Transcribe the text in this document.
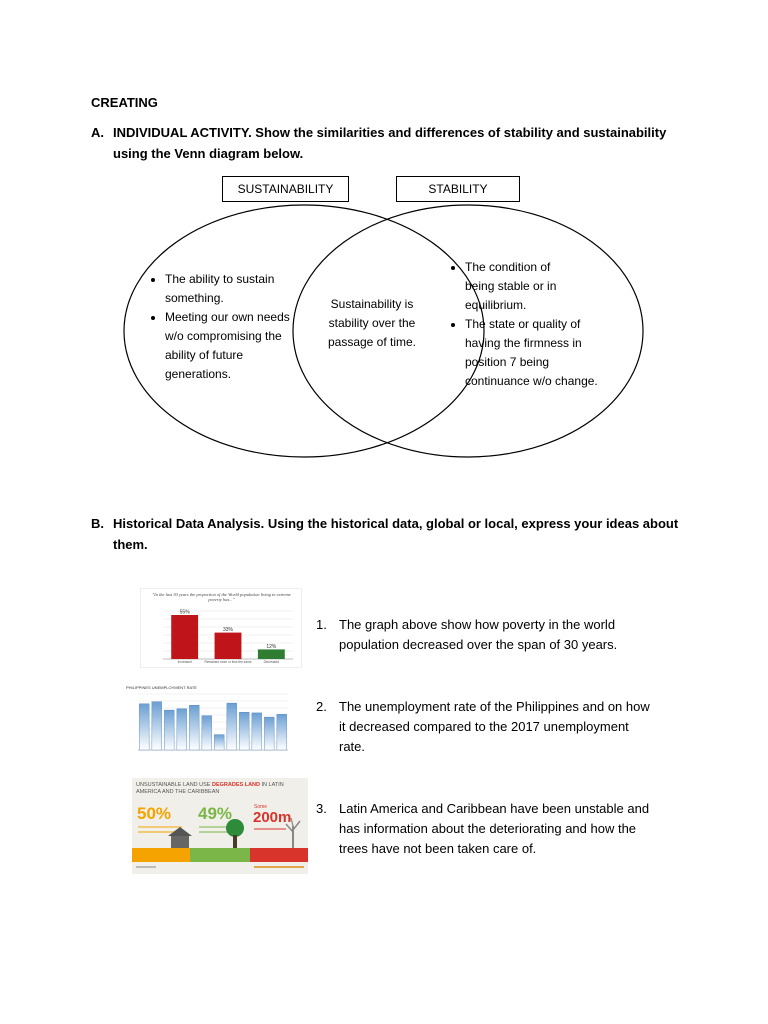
CREATING
A. INDIVIDUAL ACTIVITY. Show the similarities and differences of stability and sustainability
using the Venn diagram below.
SUSTAINABILITY	STABILITY
• The ability to sustain something.
• Meeting our own needs w/o compromising the ability of future generations.
Sustainability is stability over the passage of time.
• The condition of being stable or in equilibrium.
• The state or quality of having the firmness in position 7 being continuance w/o change.
B. Historical Data Analysis. Using the historical data, global or local, express your ideas about
them.
"In the last 30 years the proportion of the World population living in extreme poverty has..."
55%
Increased
33%
Remained more or less the same
12%
Decreased
PHILIPPINES UNEMPLOYMENT RATE
UNSUSTAINABLE LAND USE DEGRADES LAND IN LATIN AMERICA AND THE CARIBBEAN
50% 49%	Some
200m
1. The graph above show how poverty in the world
population decreased over the span of 30 years.
2. The unemployment rate of the Philippines and on how
it decreased compared to the 2017 unemployment
rate.
3. Latin America and Caribbean have been unstable and
has information about the deteriorating and how the
trees have not been taken care of.
